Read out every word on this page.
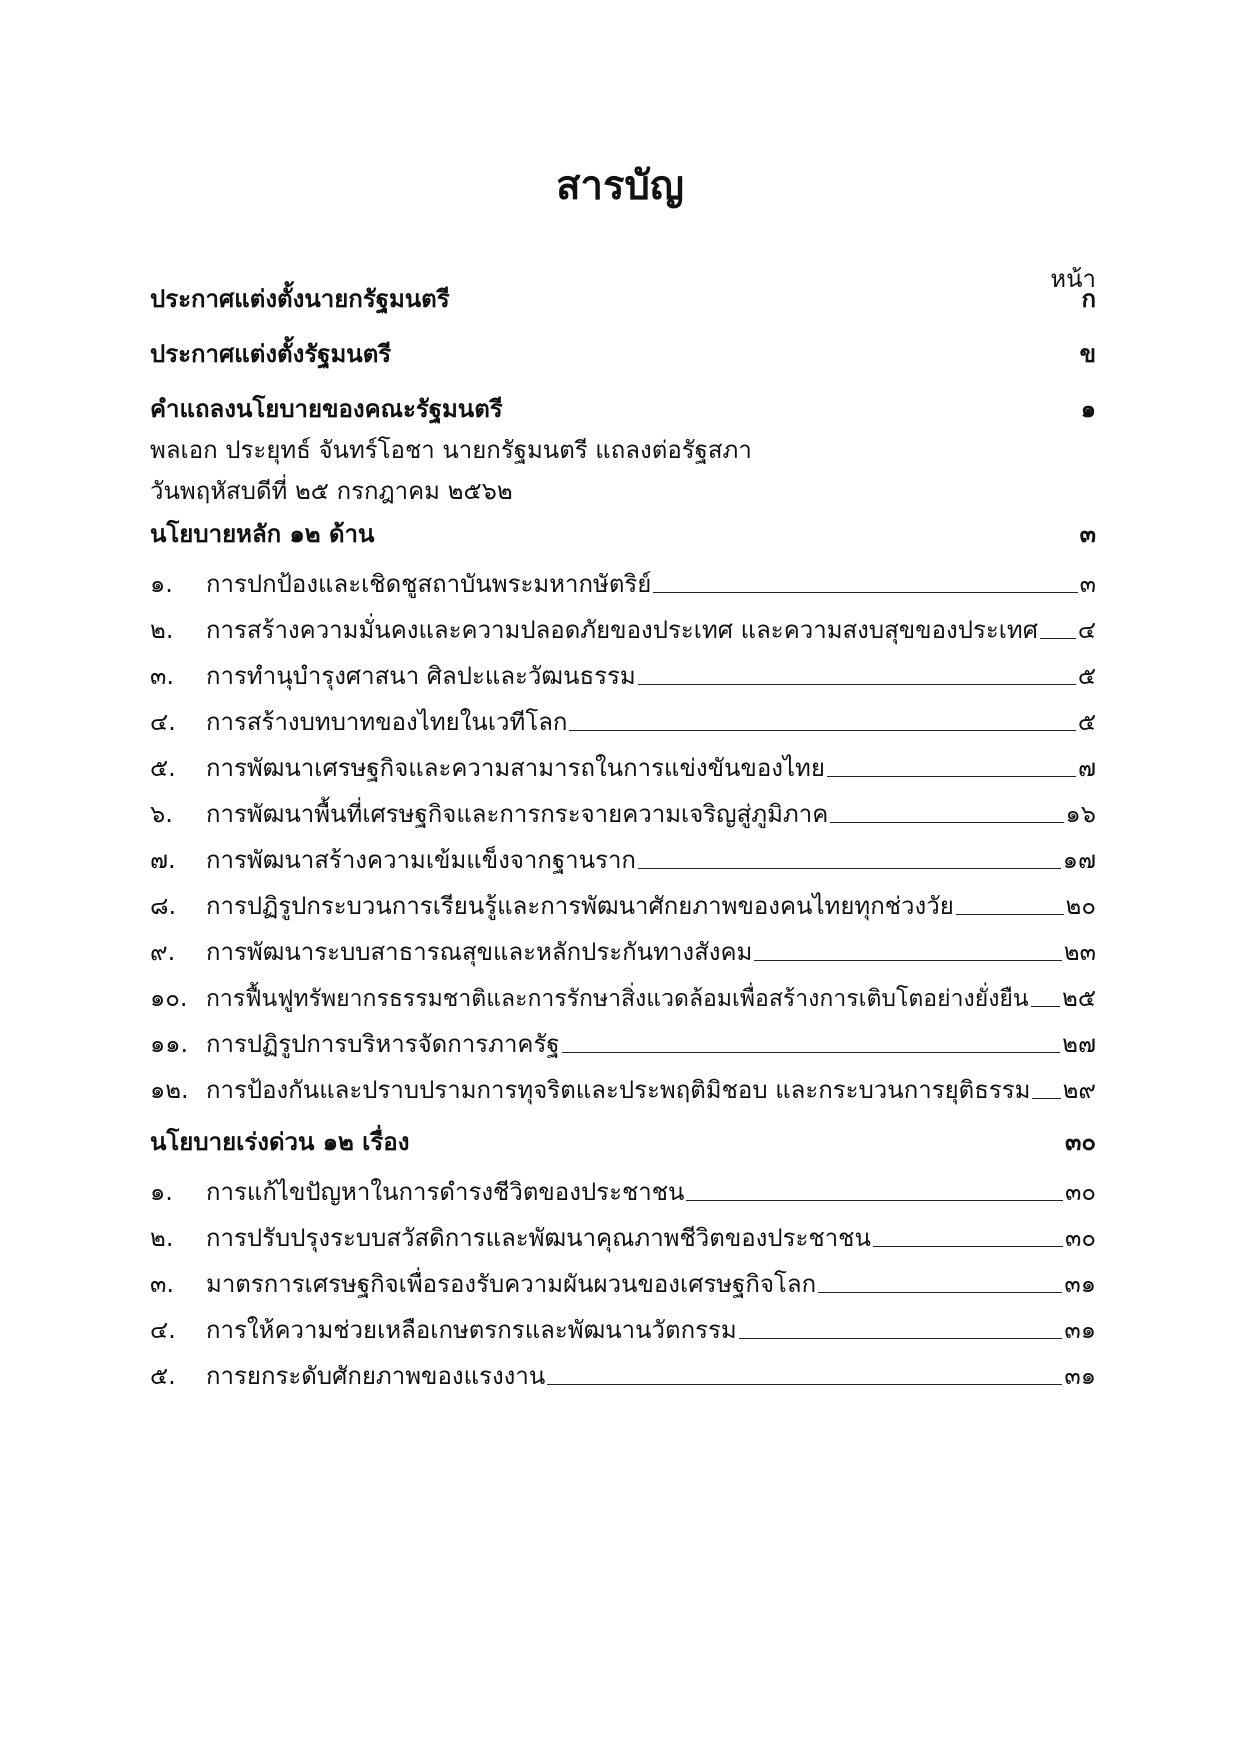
สารบัญ
หน้า
ประกาศแต่งตั้งนายกรัฐมนตรี	ก
ประกาศแต่งตั้งรัฐมนตรี	ข
คำแถลงนโยบายของคณะรัฐมนตรี	๑
พลเอก ประยุทธ์ จันทร์โอชา นายกรัฐมนตรี แถลงต่อรัฐสภา
วันพฤหัสบดีที่ ๒๕ กรกฎาคม ๒๕๖๒
นโยบายหลัก ๑๒ ด้าน	๓
๑.	การปกป้องและเชิดชูสถาบันพระมหากษัตริย์	๓
๒.	การสร้างความมั่นคงและความปลอดภัยของประเทศ และความสงบสุขของประเทศ ๔
๓.	การทำนุบำรุงศาสนา ศิลปะและวัฒนธรรม	๕
๔.	การสร้างบทบาทของไทยในเวทีโลก	๕
๕.	การพัฒนาเศรษฐกิจและความสามารถในการแข่งขันของไทย	๗
๖.	การพัฒนาพื้นที่เศรษฐกิจและการกระจายความเจริญสู่ภูมิภาค	๑๖
๗.	การพัฒนาสร้างความเข้มแข็งจากฐานราก	๑๗
๘.	การปฏิรูปกระบวนการเรียนรู้และการพัฒนาศักยภาพของคนไทยทุกช่วงวัย	๒๐
๙.	การพัฒนาระบบสาธารณสุขและหลักประกันทางสังคม	๒๓
๑๐. การฟื้นฟูทรัพยากรธรรมชาติและการรักษาสิ่งแวดล้อมเพื่อสร้างการเติบโตอย่างยั่งยืน ๒๕
๑๑. การปฏิรูปการบริหารจัดการภาครัฐ	๒๗
๑๒. การป้องกันและปราบปรามการทุจริตและประพฤติมิชอบ และกระบวนการยุติธรรม ๒๙
นโยบายเร่งด่วน ๑๒ เรื่อง	๓๐
๑.	การแก้ไขปัญหาในการดำรงชีวิตของประชาชน	๓๐
๒.	การปรับปรุงระบบสวัสดิการและพัฒนาคุณภาพชีวิตของประชาชน	๓๐
๓.	มาตรการเศรษฐกิจเพื่อรองรับความผันผวนของเศรษฐกิจโลก	๓๑
๔.	การให้ความช่วยเหลือเกษตรกรและพัฒนานวัตกรรม	๓๑
๕.	การยกระดับศักยภาพของแรงงาน	๓๑
